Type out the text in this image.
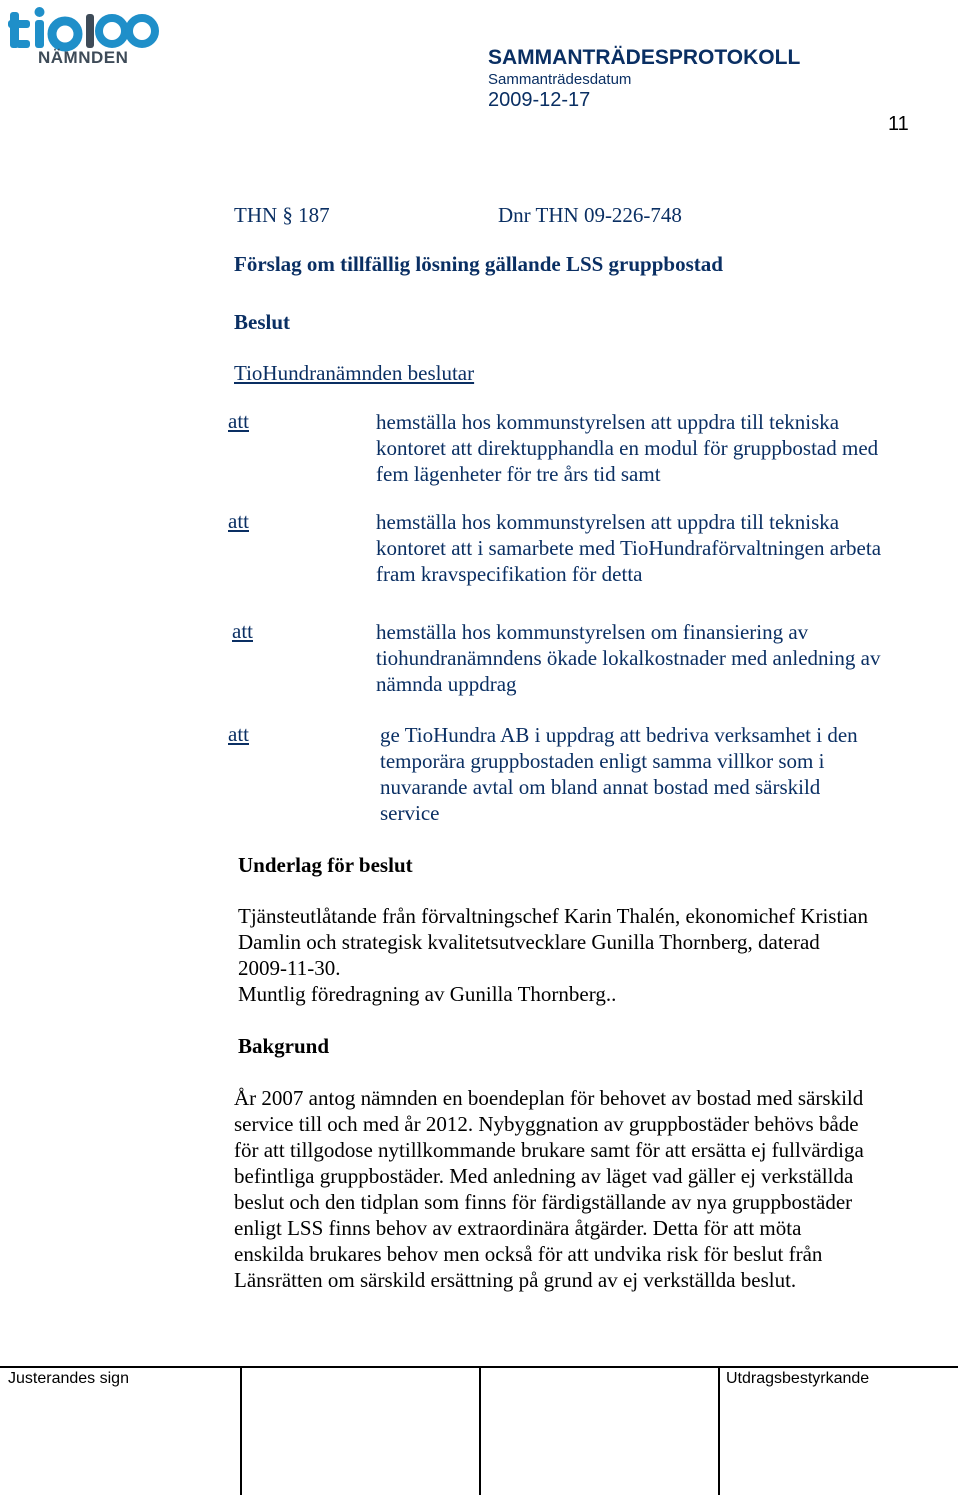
NÄMNDEN	SAMMANTRÄDESPROTOKOLL
Sammanträdesdatum
2009-12-17
11
THN § 187	Dnr THN 09-226-748
Förslag om tillfällig lösning gällande LSS gruppbostad
Beslut
TioHundranämnden beslutar
att	hemställa hos kommunstyrelsen att uppdra till tekniska
kontoret att direktupphandla en modul för gruppbostad med
fem lägenheter för tre års tid samt
att	hemställa hos kommunstyrelsen att uppdra till tekniska
kontoret att i samarbete med TioHundraförvaltningen arbeta
fram kravspecifikation för detta
att	hemställa hos kommunstyrelsen om finansiering av
tiohundranämndens ökade lokalkostnader med anledning av
nämnda uppdrag
att	ge TioHundra AB i uppdrag att bedriva verksamhet i den
temporära gruppbostaden enligt samma villkor som i
nuvarande avtal om bland annat bostad med särskild
service
Underlag för beslut
Tjänsteutlåtande från förvaltningschef Karin Thalén, ekonomichef Kristian
Damlin och strategisk kvalitetsutvecklare Gunilla Thornberg, daterad
2009-11-30.
Muntlig föredragning av Gunilla Thornberg..
Bakgrund
År 2007 antog nämnden en boendeplan för behovet av bostad med särskild
service till och med år 2012. Nybyggnation av gruppbostäder behövs både
för att tillgodose nytillkommande brukare samt för att ersätta ej fullvärdiga
befintliga gruppbostäder. Med anledning av läget vad gäller ej verkställda
beslut och den tidplan som finns för färdigställande av nya gruppbostäder
enligt LSS finns behov av extraordinära åtgärder. Detta för att möta
enskilda brukares behov men också för att undvika risk för beslut från
Länsrätten om särskild ersättning på grund av ej verkställda beslut.
Justerandes sign	Utdragsbestyrkande
